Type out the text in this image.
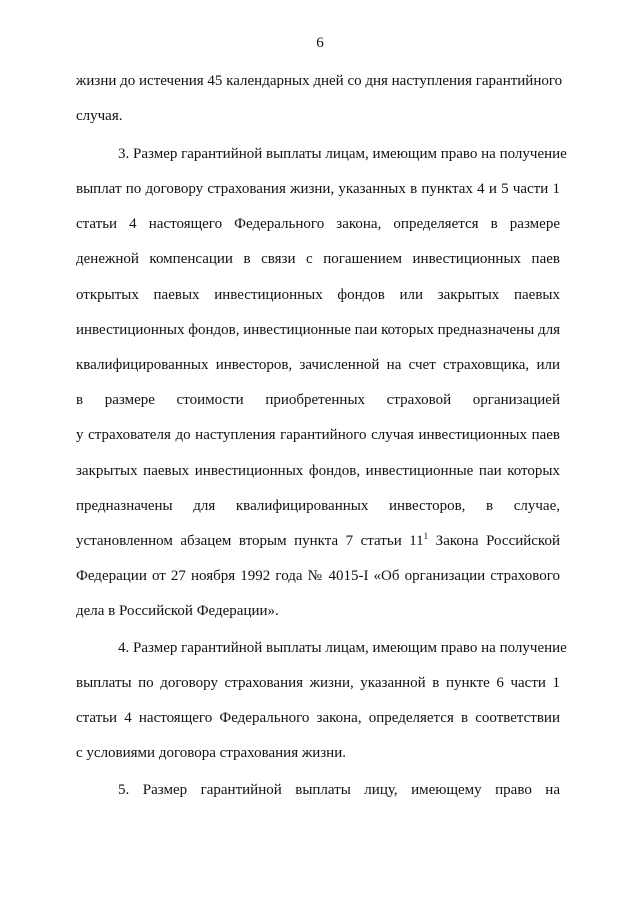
6
жизни до истечения 45 календарных дней со дня наступления гарантийного
случая.
3. Размер гарантийной выплаты лицам, имеющим право на получение
выплат по договору страхования жизни, указанных в пунктах 4 и 5 части 1
статьи 4 настоящего Федерального закона, определяется в размере
денежной компенсации в связи с погашением инвестиционных паев
открытых паевых инвестиционных фондов или закрытых паевых
инвестиционных фондов, инвестиционные паи которых предназначены для
квалифицированных инвесторов, зачисленной на счет страховщика, или
в размере стоимости приобретенных страховой организацией
у страхователя до наступления гарантийного случая инвестиционных паев
закрытых паевых инвестиционных фондов, инвестиционные паи которых
предназначены для квалифицированных инвесторов, в случае,
установленном абзацем вторым пункта 7 статьи $11^1$ Закона Российской
Федерации от 27 ноября 1992 года № 4015-I «Об организации страхового
дела в Российской Федерации».
4. Размер гарантийной выплаты лицам, имеющим право на получение
выплаты по договору страхования жизни, указанной в пункте 6 части 1
статьи 4 настоящего Федерального закона, определяется в соответствии
с условиями договора страхования жизни.
5. Размер гарантийной выплаты лицу, имеющему право на
